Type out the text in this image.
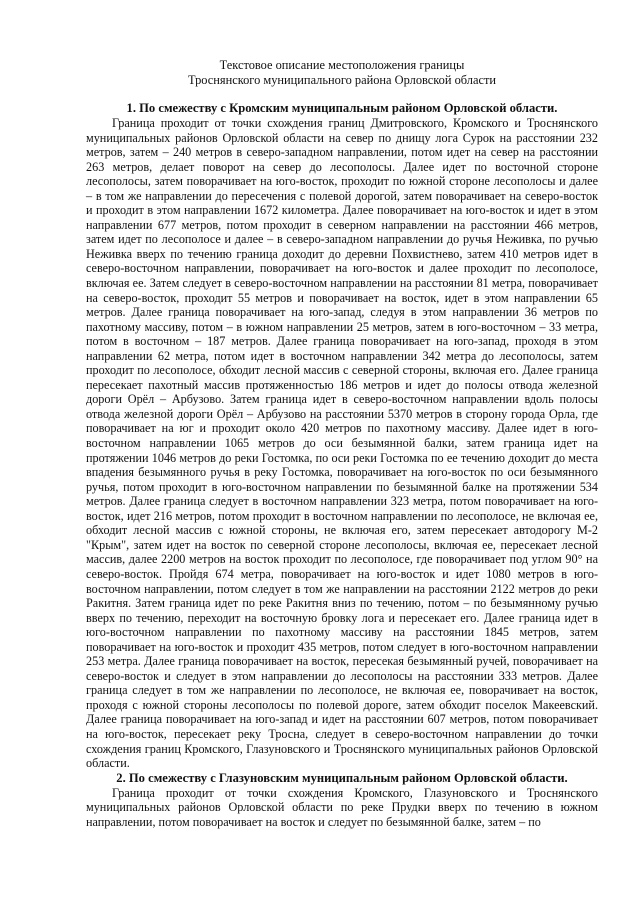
Текстовое описание местоположения границы
Троснянского муниципального района Орловской области
1. По смежеству с Кромским муниципальным районом Орловской области.

Граница проходит от точки схождения границ Дмитровского, Кромского и Троснянского муниципальных районов Орловской области на север по днищу лога Сурок на расстоянии 232 метров, затем – 240 метров в северо-западном направлении, потом идет на север на расстоянии 263 метров, делает поворот на север до лесополосы. Далее идет по восточной стороне лесополосы, затем поворачивает на юго-восток, проходит по южной стороне лесополосы и далее – в том же направлении до пересечения с полевой дорогой, затем поворачивает на северо-восток и проходит в этом направлении 1672 километра. Далее поворачивает на юго-восток и идет в этом направлении 677 метров, потом проходит в северном направлении на расстоянии 466 метров, затем идет по лесополосе и далее – в северо-западном направлении до ручья Неживка, по ручью Неживка вверх по течению граница доходит до деревни Похвистнево, затем 410 метров идет в северо-восточном направлении, поворачивает на юго-восток и далее проходит по лесополосе, включая ее. Затем следует в северо-восточном направлении на расстоянии 81 метра, поворачивает на северо-восток, проходит 55 метров и поворачивает на восток, идет в этом направлении 65 метров. Далее граница поворачивает на юго-запад, следуя в этом направлении 36 метров по пахотному массиву, потом – в южном направлении 25 метров, затем в юго-восточном – 33 метра, потом в восточном – 187 метров. Далее граница поворачивает на юго-запад, проходя в этом направлении 62 метра, потом идет в восточном направлении 342 метра до лесополосы, затем проходит по лесополосе, обходит лесной массив с северной стороны, включая его. Далее граница пересекает пахотный массив протяженностью 186 метров и идет до полосы отвода железной дороги Орёл – Арбузово. Затем граница идет в северо-восточном направлении вдоль полосы отвода железной дороги Орёл – Арбузово на расстоянии 5370 метров в сторону города Орла, где поворачивает на юг и проходит около 420 метров по пахотному массиву. Далее идет в юго-восточном направлении 1065 метров до оси безымянной балки, затем граница идет на протяжении 1046 метров до реки Гостомка, по оси реки Гостомка по ее течению доходит до места впадения безымянного ручья в реку Гостомка, поворачивает на юго-восток по оси безымянного ручья, потом проходит в юго-восточном направлении по безымянной балке на протяжении 534 метров. Далее граница следует в восточном направлении 323 метра, потом поворачивает на юго-восток, идет 216 метров, потом проходит в восточном направлении по лесополосе, не включая ее, обходит лесной массив с южной стороны, не включая его, затем пересекает автодорогу М-2 "Крым", затем идет на восток по северной стороне лесополосы, включая ее, пересекает лесной массив, далее 2200 метров на восток проходит по лесополосе, где поворачивает под углом 90° на северо-восток. Пройдя 674 метра, поворачивает на юго-восток и идет 1080 метров в юго-восточном направлении, потом следует в том же направлении на расстоянии 2122 метров до реки Ракитня. Затем граница идет по реке Ракитня вниз по течению, потом – по безымянному ручью вверх по течению, переходит на восточную бровку лога и пересекает его. Далее граница идет в юго-восточном направлении по пахотному массиву на расстоянии 1845 метров, затем поворачивает на юго-восток и проходит 435 метров, потом следует в юго-восточном направлении 253 метра. Далее граница поворачивает на восток, пересекая безымянный ручей, поворачивает на северо-восток и следует в этом направлении до лесополосы на расстоянии 333 метров. Далее граница следует в том же направлении по лесополосе, не включая ее, поворачивает на восток, проходя с южной стороны лесополосы по полевой дороге, затем обходит поселок Макеевский. Далее граница поворачивает на юго-запад и идет на расстоянии 607 метров, потом поворачивает на юго-восток, пересекает реку Тросна, следует в северо-восточном направлении до точки схождения границ Кромского, Глазуновского и Троснянского муниципальных районов Орловской области.

2. По смежеству с Глазуновским муниципальным районом Орловской области.

Граница проходит от точки схождения Кромского, Глазуновского и Троснянского муниципальных районов Орловской области по реке Прудки вверх по течению в южном направлении, потом поворачивает на восток и следует по безымянной балке, затем – по
